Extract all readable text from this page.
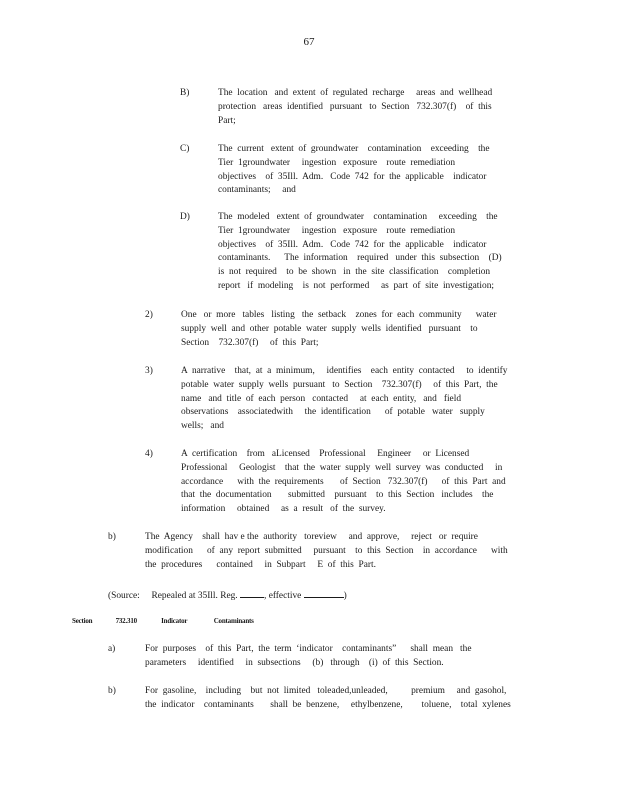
67
B)	The  location   and  extent  of  regulated  recharge     areas  and  wellhead
protection   areas  identified   pursuant   to  Section   732.307(f)    of  this
Part;
C)	The  current   extent  of  groundwater    contamination    exceeding    the
Tier  1groundwater     ingestion   exposure    route  remediation
objectives    of  35Ill.  Adm.   Code  742  for  the  applicable    indicator
contaminants;     and
D)	The  modeled   extent  of  groundwater    contamination     exceeding    the
Tier  1groundwater     ingestion   exposure    route  remediation
objectives    of  35Ill.  Adm.   Code  742  for  the  applicable    indicator
contaminants.      The  information    required   under  this  subsection    (D)
is  not  required    to  be  shown   in  the  site  classification    completion
report   if  modeling    is  not  performed     as  part  of  site  investigation;
2)	One   or  more   tables   listing   the  setback    zones  for  each  community      water
supply  well  and  other  potable  water  supply  wells  identified   pursuant    to
Section    732.307(f)     of  this  Part;
3)	A  narrative    that,  at  a  minimum,     identifies    each  entity  contacted     to  identify
potable  water  supply  wells  pursuant   to  Section    732.307(f)     of  this  Part,  the
name   and  title  of  each  person   contacted     at  each  entity,   and   field
observations    associatedwith     the  identification      of  potable   water   supply
wells;   and
4)	A  certification    from   aLicensed    Professional     Engineer     or  Licensed
Professional     Geologist    that  the  water  supply  well  survey  was  conducted     in
accordance      with  the  requirements       of  Section   732.307(f)      of  this  Part  and
that  the  documentation       submitted    pursuant    to  this  Section   includes    the
information     obtained     as  a  result   of  the  survey.
b)	The  Agency    shall  hav e the  authority   toreview     and  approve,     reject   or  require
modification      of  any  report  submitted     pursuant    to  this  Section    in  accordance      with
the  procedures      contained     in  Subpart     E  of  this  Part.
(Source: Repealed at 35Ill. Reg.	, effective	)
Section	732.310	Indicator	Contaminants
a)	For  purposes    of  this  Part,  the  term  ‘indicator    contaminants”      shall  mean   the
parameters     identified     in  subsections     (b)   through    (i)  of  this  Section.
b)	For  gasoline,    including    but  not  limited   toleaded,unleaded,          premium     and  gasohol,
the  indicator    contaminants       shall  be  benzene,     ethylbenzene,        toluene,    total  xylenes
